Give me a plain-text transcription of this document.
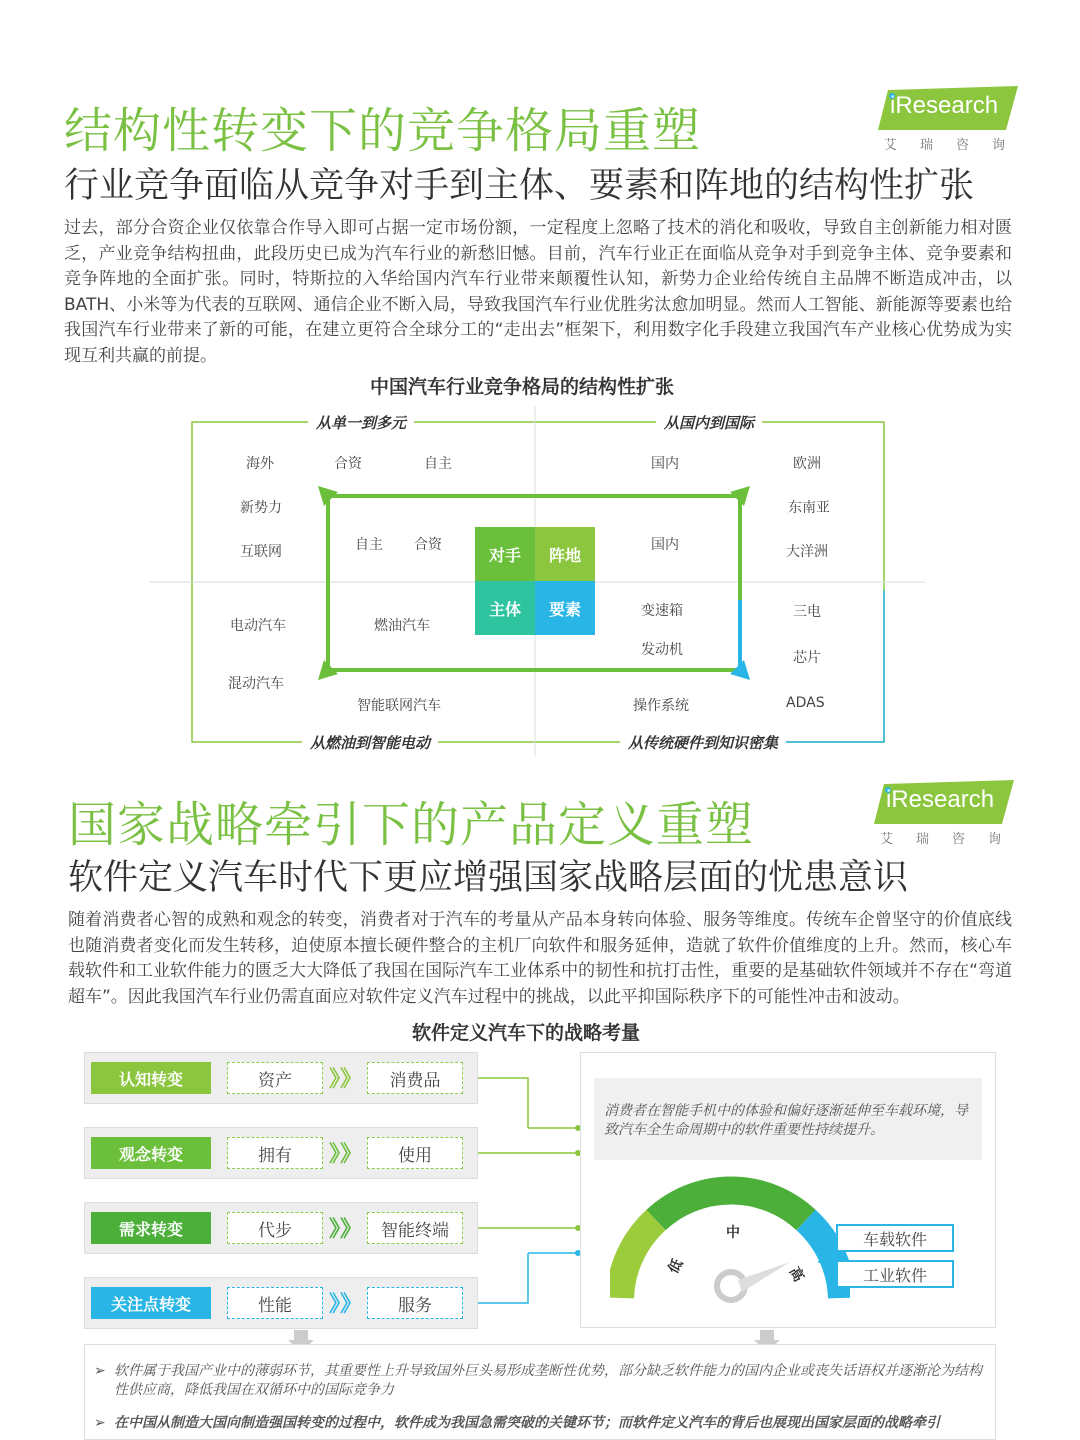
结构性转变下的竞争格局重塑	iResearch
艾瑞咨询
行业竞争面临从竞争对手到主体、要素和阵地的结构性扩张
过去，部分合资企业仅依靠合作导入即可占据一定市场份额，一定程度上忽略了技术的消化和吸收，导致自主创新能力相对匮乏，产业竞争结构扭曲，此段历史已成为汽车行业的新愁旧憾。目前，汽车行业正在面临从竞争对手到竞争主体、竞争要素和竞争阵地的全面扩张。同时，特斯拉的入华给国内汽车行业带来颠覆性认知，新势力企业给传统自主品牌不断造成冲击，以BATH、小米等为代表的互联网、通信企业不断入局，导致我国汽车行业优胜劣汰愈加明显。然而人工智能、新能源等要素也给我国汽车行业带来了新的可能，在建立更符合全球分工的“走出去”框架下，利用数字化手段建立我国汽车产业核心优势成为实现互利共赢的前提。
中国汽车行业竞争格局的结构性扩张
从单一到多元	从国内到国际
从燃油到智能电动	从传统硬件到知识密集
对手	阵地
主体	要素
海外	合资	自主
新势力
互联网	自主 合资
国内	欧洲
东南亚
国内	大洋洲
电动汽车	燃油汽车
混动汽车
智能联网汽车
变速箱	三电
发动机	芯片
操作系统	ADAS
国家战略牵引下的产品定义重塑	iResearch
艾瑞咨询
软件定义汽车时代下更应增强国家战略层面的忧患意识
随着消费者心智的成熟和观念的转变，消费者对于汽车的考量从产品本身转向体验、服务等维度。传统车企曾坚守的价值底线也随消费者变化而发生转移，迫使原本擅长硬件整合的主机厂向软件和服务延伸，造就了软件价值维度的上升。然而，核心车载软件和工业软件能力的匮乏大大降低了我国在国际汽车工业体系中的韧性和抗打击性，重要的是基础软件领域并不存在“弯道超车”。因此我国汽车行业仍需直面应对软件定义汽车过程中的挑战，以此平抑国际秩序下的可能性冲击和波动。
软件定义汽车下的战略考量
认知转变	资产	》》	消费品
观念转变	拥有	》》	使用
需求转变	代步	》》	智能终端
关注点转变	性能	》》	服务
消费者在智能手机中的体验和偏好逐渐延伸至车载环境，导致汽车全生命周期中的软件重要性持续提升。
低
中
高
车载软件
工业软件
➢ 软件属于我国产业中的薄弱环节，其重要性上升导致国外巨头易形成垄断性优势，部分缺乏软件能力的国内企业或丧失话语权并逐渐沦为结构性供应商，降低我国在双循环中的国际竞争力
➢ 在中国从制造大国向制造强国转变的过程中，软件成为我国急需突破的关键环节；而软件定义汽车的背后也展现出国家层面的战略牵引
